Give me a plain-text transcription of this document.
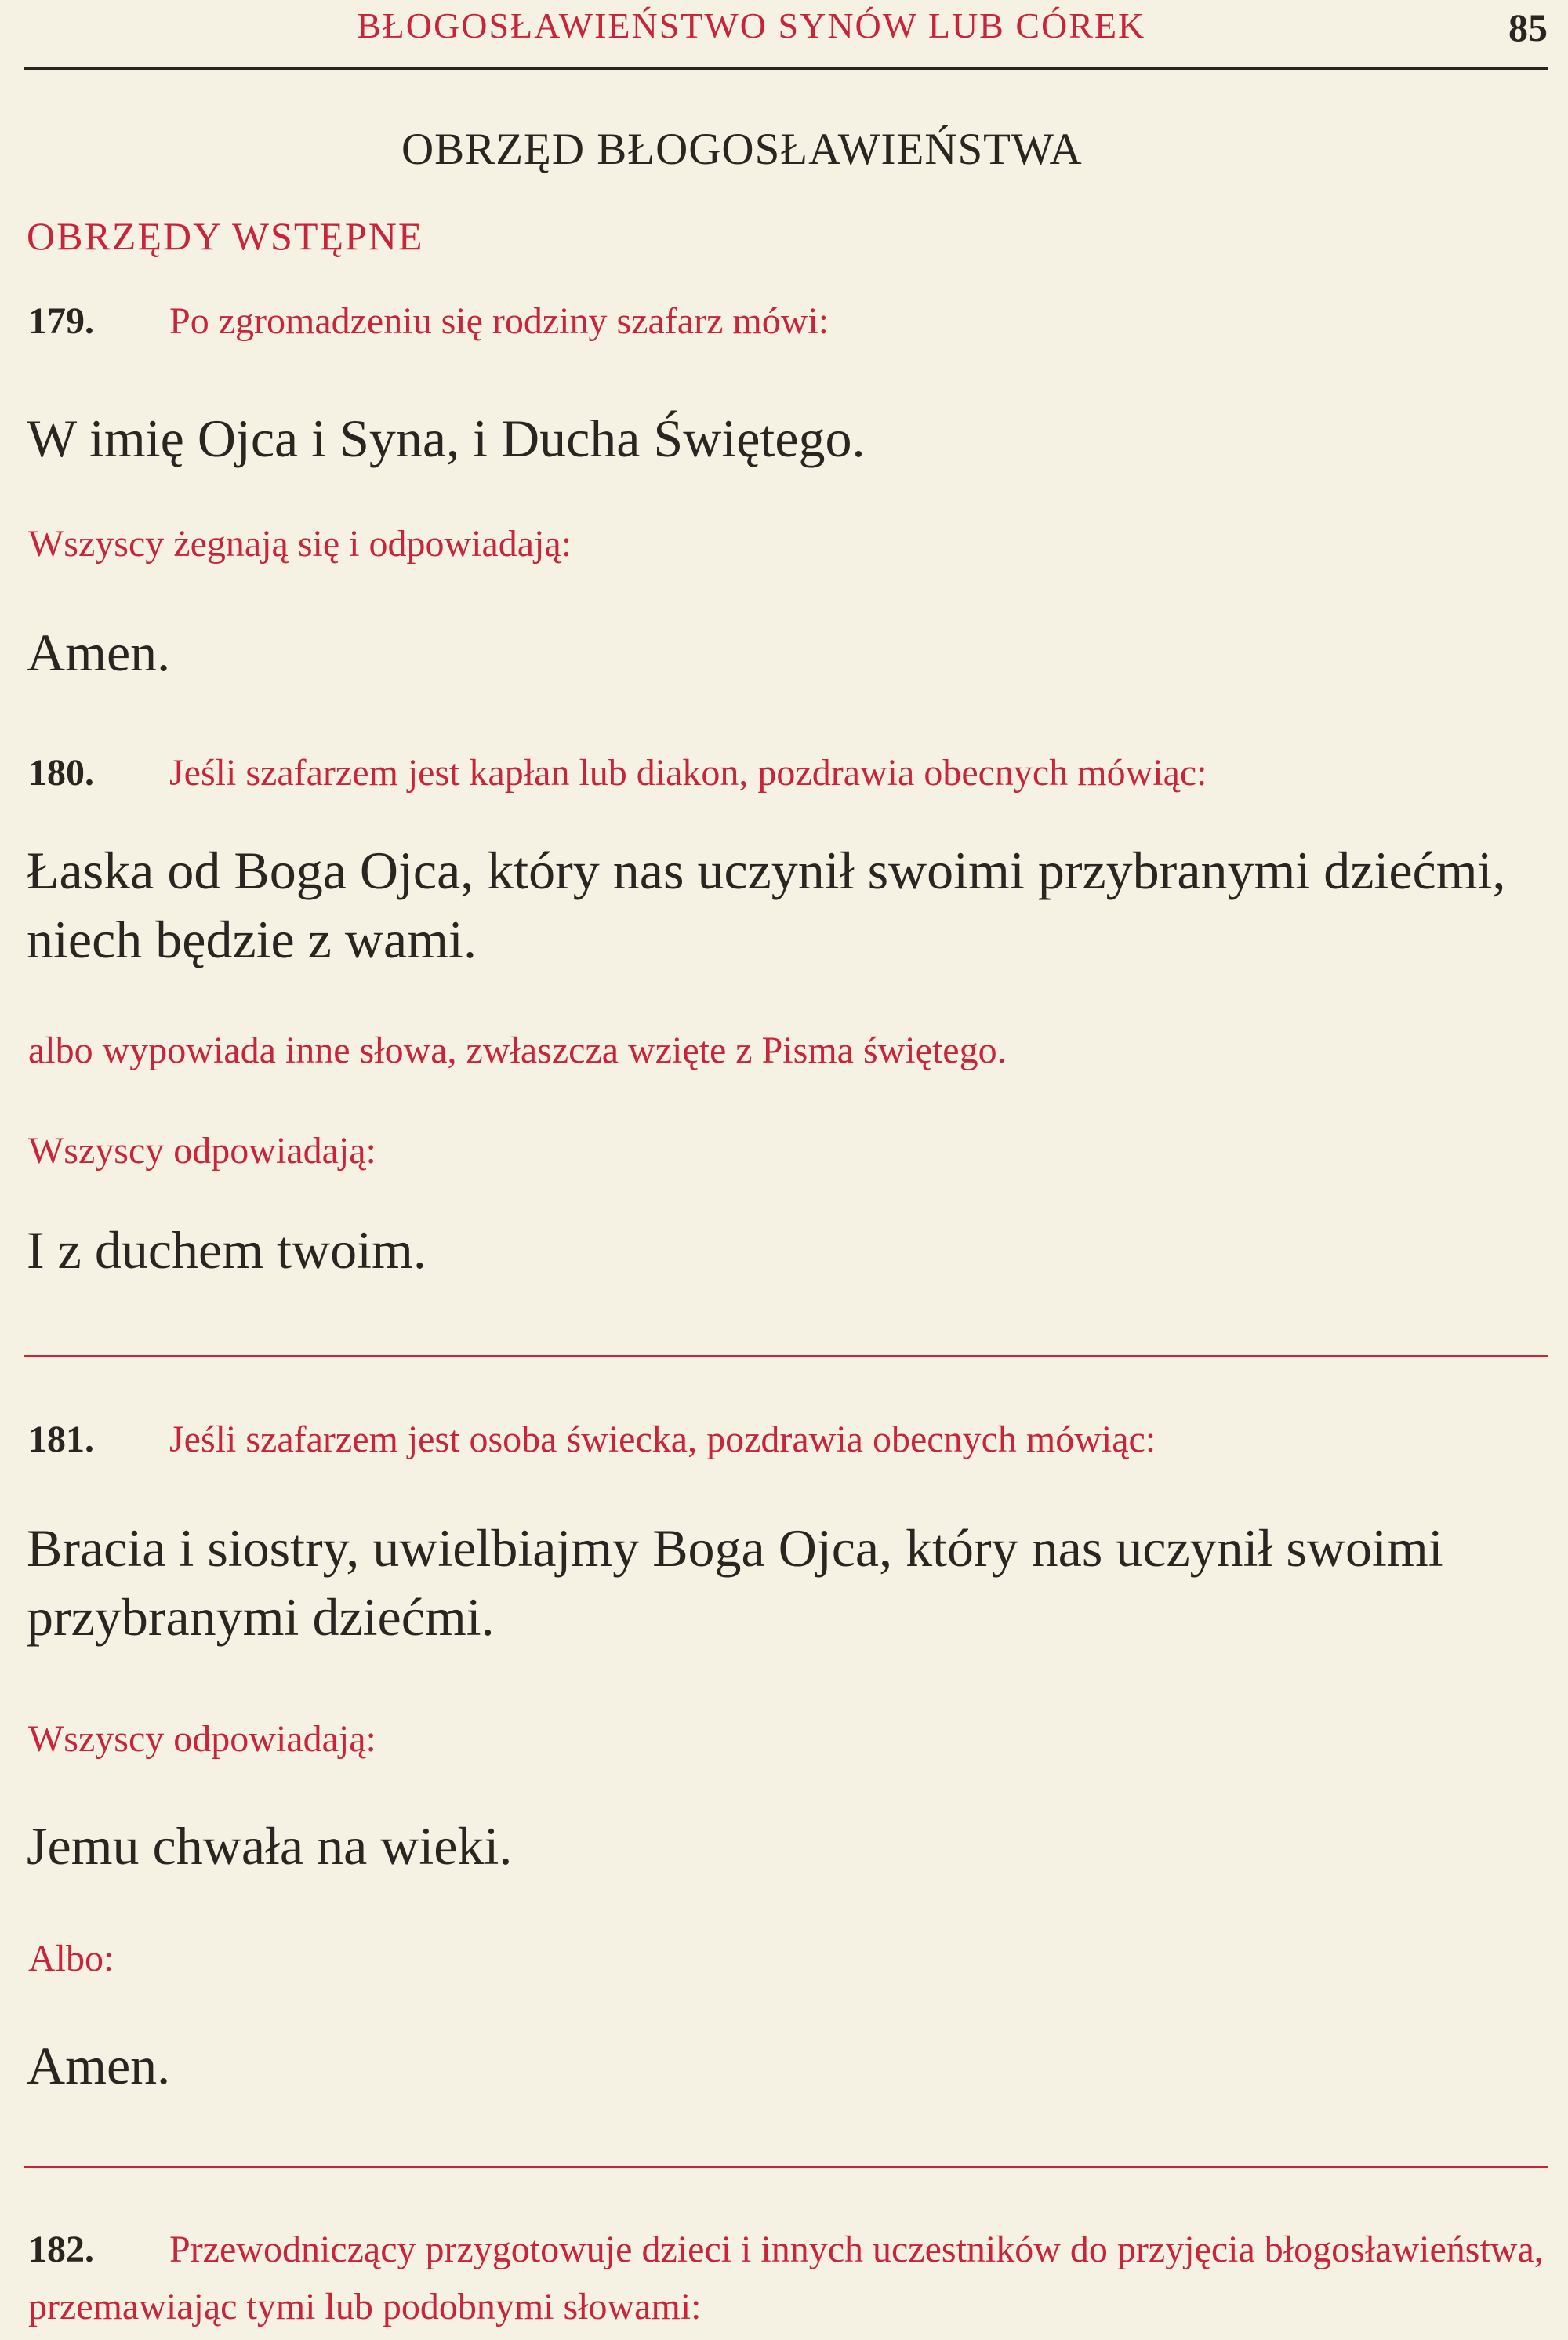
BŁOGOSŁAWIEŃSTWO SYNÓW LUB CÓREK	85
OBRZĘD BŁOGOSŁAWIEŃSTWA
OBRZĘDY WSTĘPNE
179. Po zgromadzeniu się rodziny szafarz mówi:
W imię Ojca i Syna, i Ducha Świętego.
Wszyscy żegnają się i odpowiadają:
Amen.
180. Jeśli szafarzem jest kapłan lub diakon, pozdrawia obecnych mówiąc:
Łaska od Boga Ojca, który nas uczynił swoimi przybranymi dziećmi, niech będzie z wami.
albo wypowiada inne słowa, zwłaszcza wzięte z Pisma świętego.
Wszyscy odpowiadają:
I z duchem twoim.
181. Jeśli szafarzem jest osoba świecka, pozdrawia obecnych mówiąc:
Bracia i siostry, uwielbiajmy Boga Ojca, który nas uczynił swoimi przybranymi dziećmi.
Wszyscy odpowiadają:
Jemu chwała na wieki.
Albo:
Amen.
182. Przewodniczący przygotowuje dzieci i innych uczestników do przyjęcia błogosławieństwa, przemawiając tymi lub podobnymi słowami:
